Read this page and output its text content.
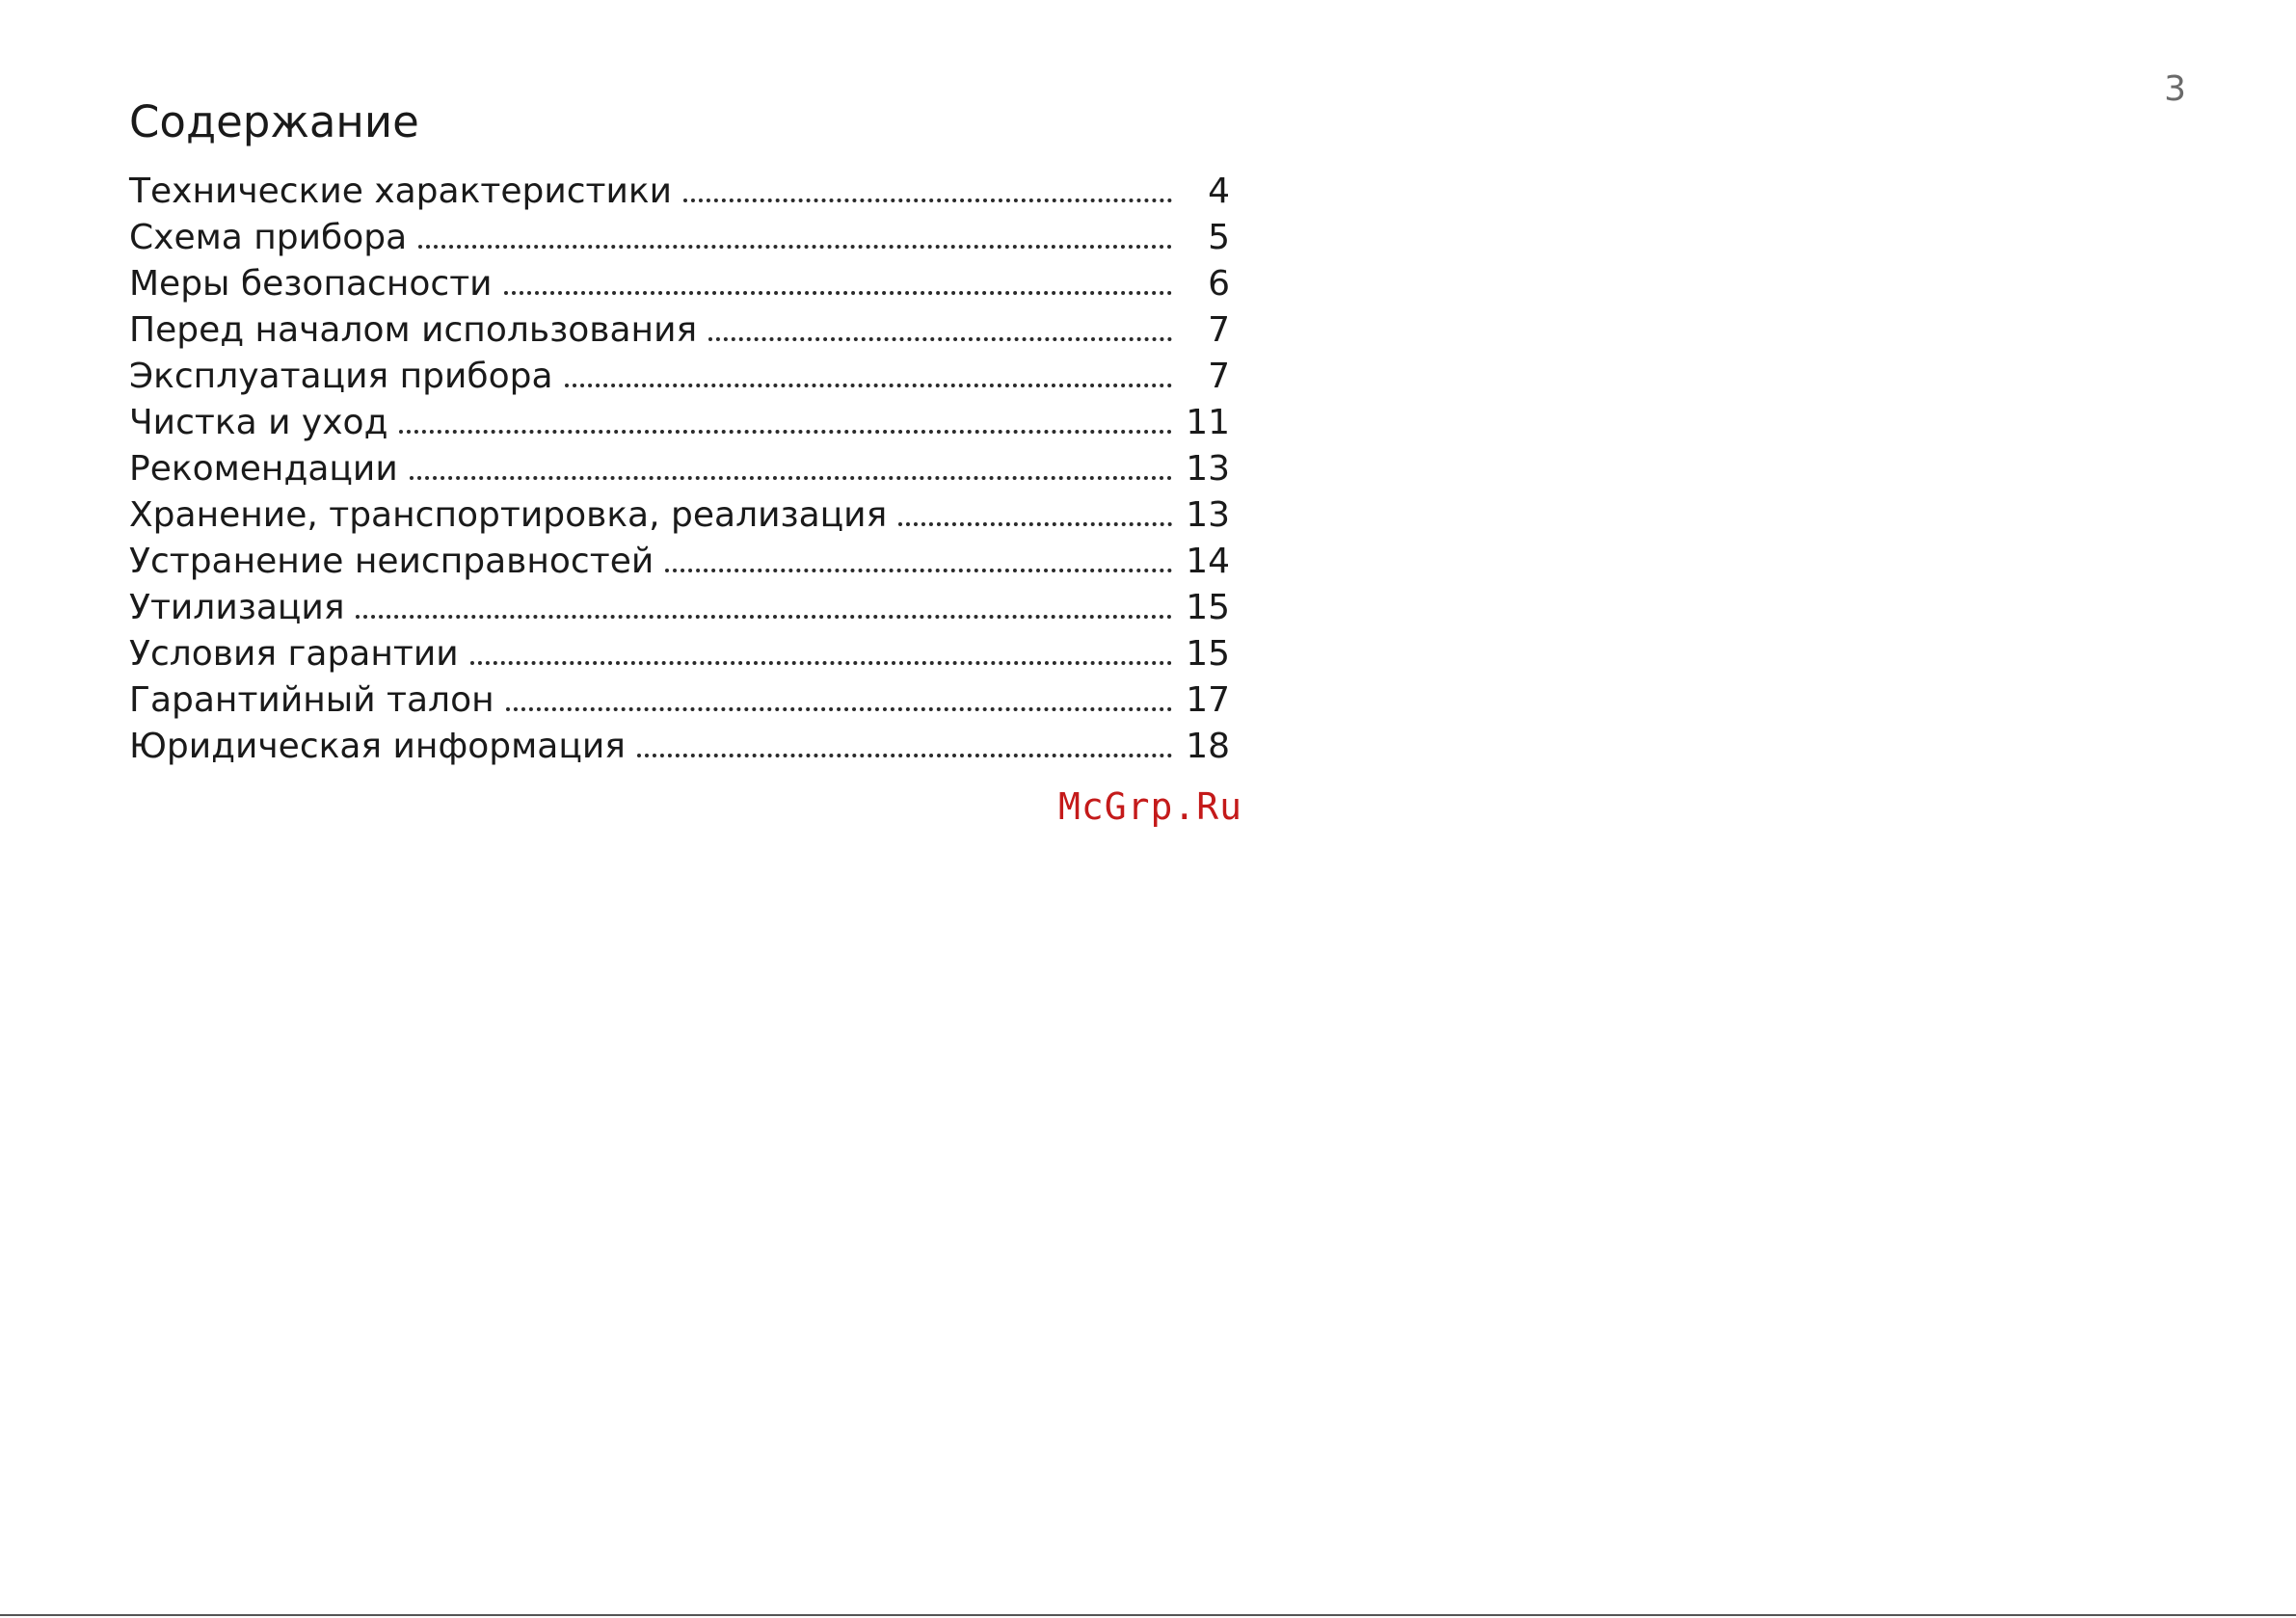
3
Содержание
Технические характеристики	4
Схема прибора	5
Меры безопасности	6
Перед началом использования	7
Эксплуатация прибора	7
Чистка и уход	11
Рекомендации	13
Хранение, транспортировка, реализация	13
Устранение неисправностей	14
Утилизация	15
Условия гарантии	15
Гарантийный талон	17
Юридическая информация	18
McGrp.Ru
